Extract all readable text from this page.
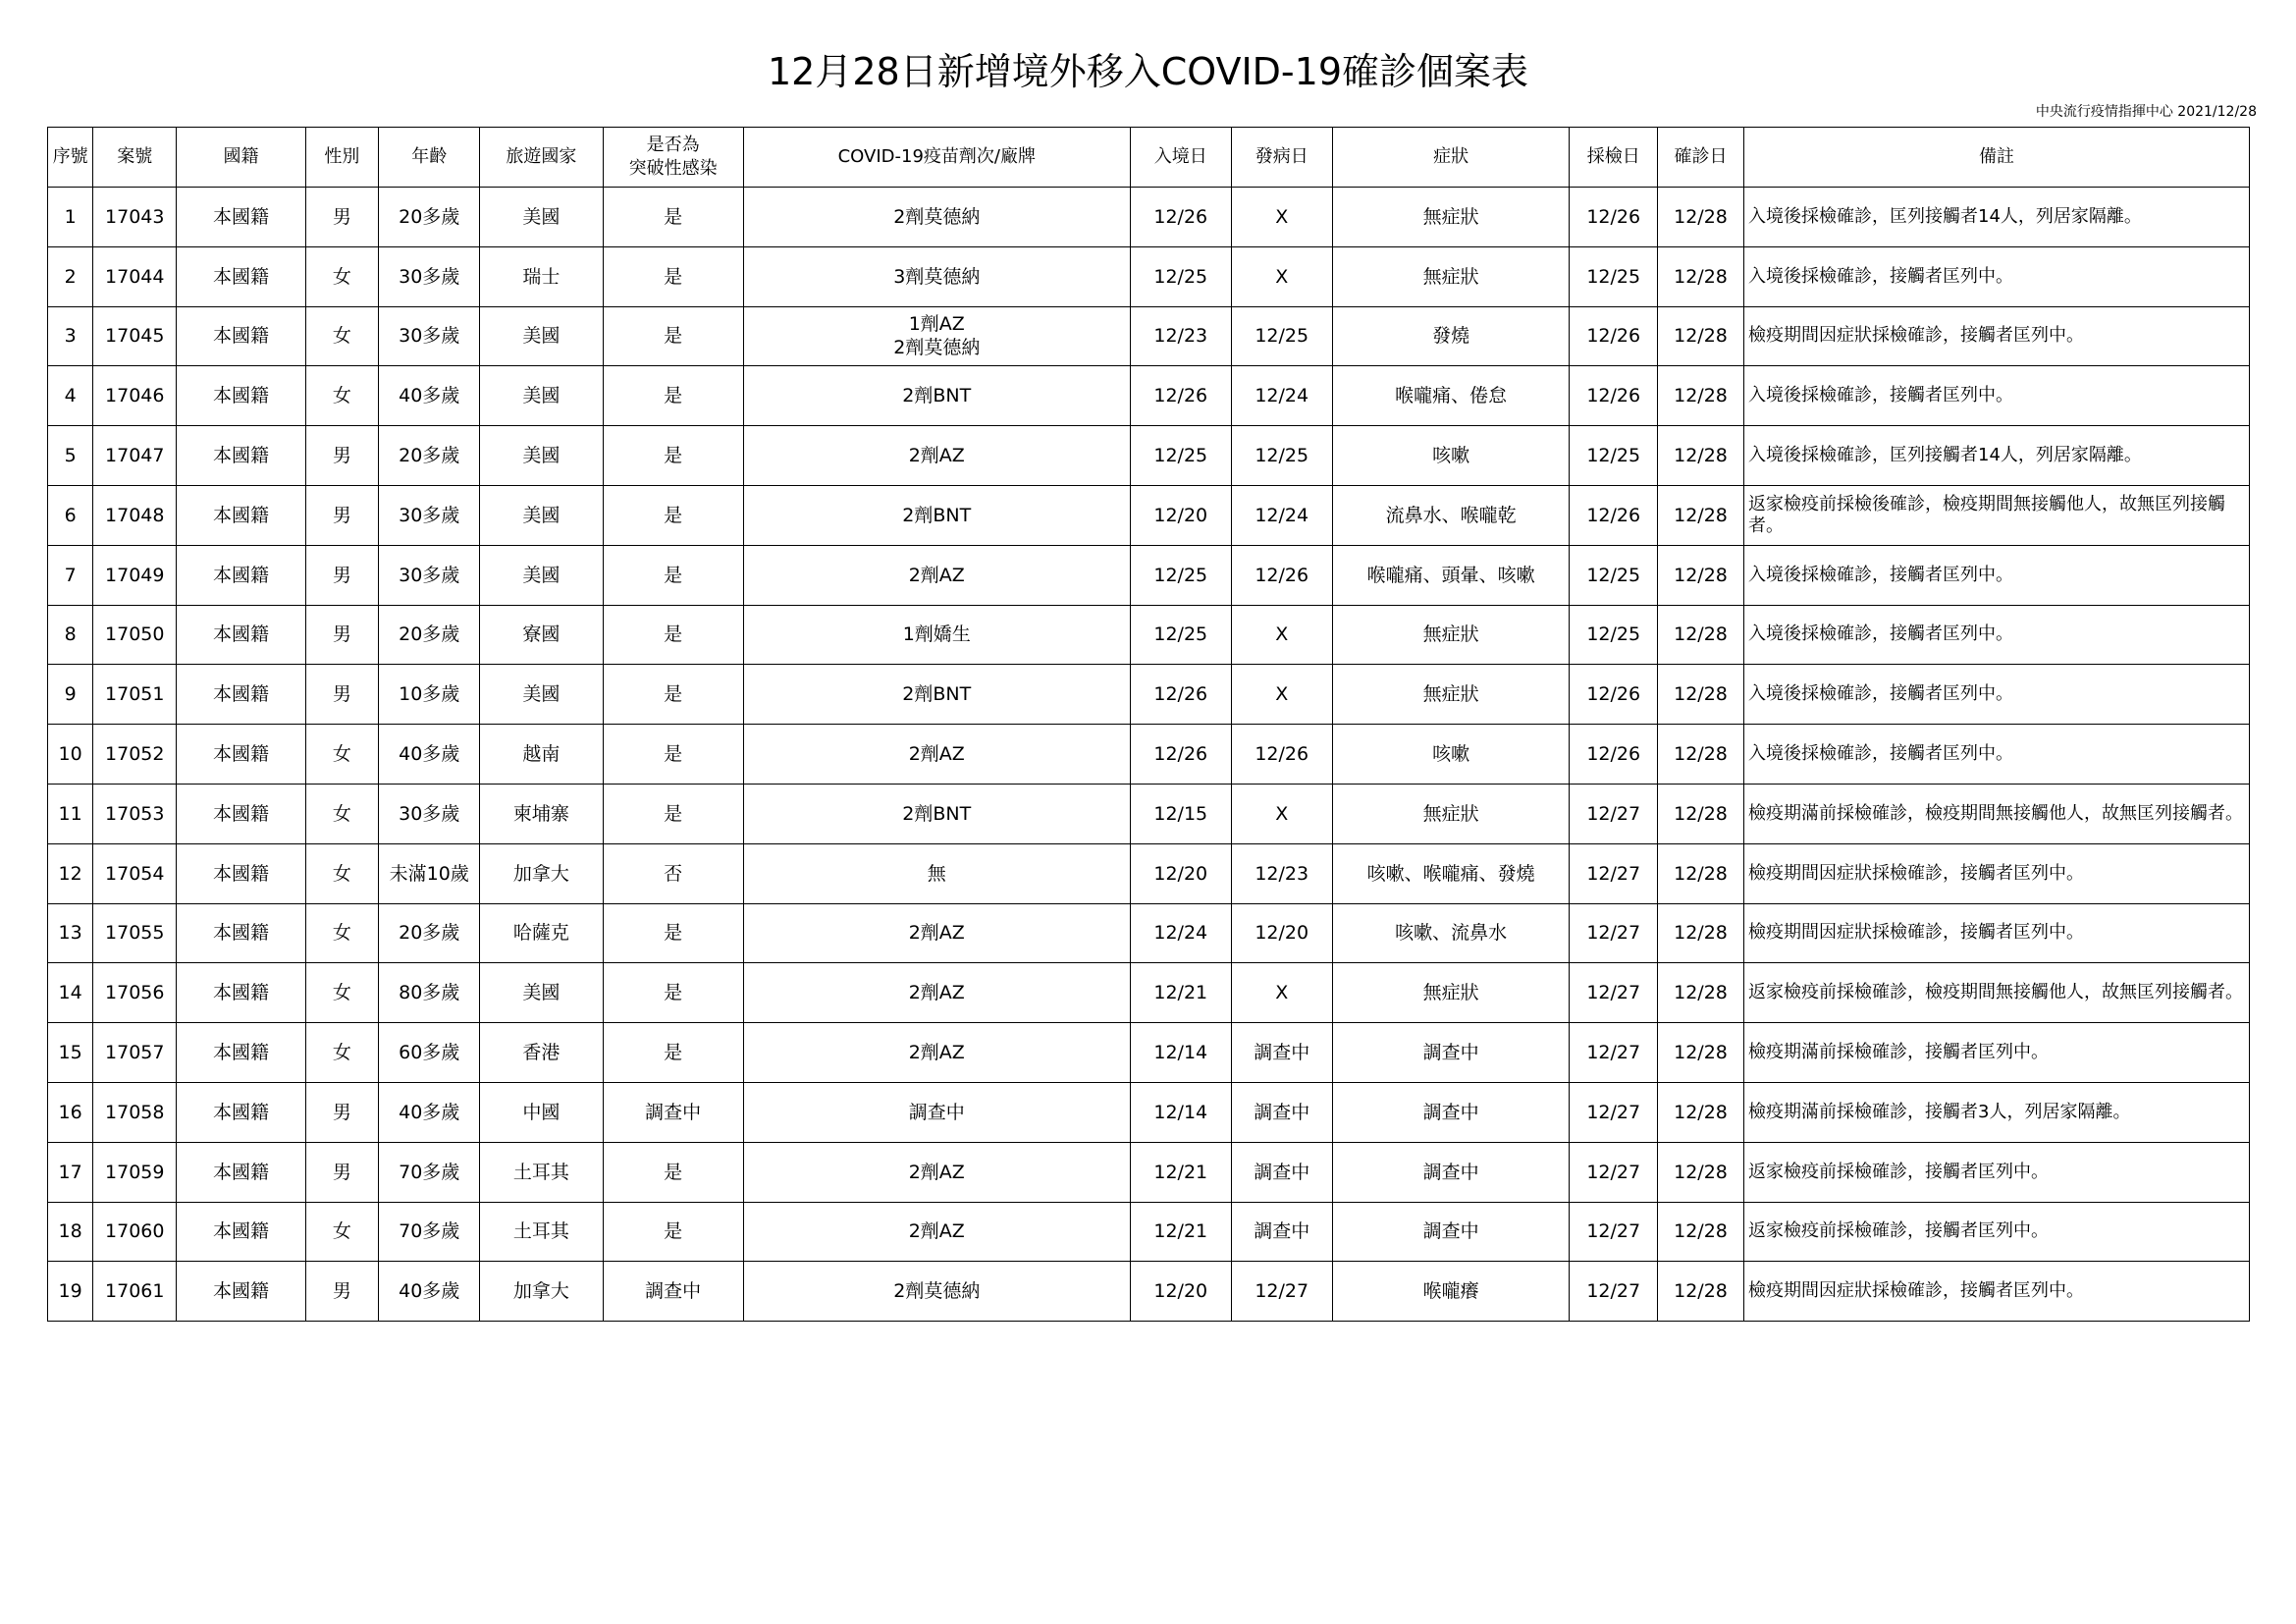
12月28日新增境外移入COVID-19確診個案表
中央流行疫情指揮中心 2021/12/28
序號	案號	國籍	性別	年齡	旅遊國家	是否為
突破性感染	COVID-19疫苗劑次/廠牌	入境日	發病日	症狀	採檢日	確診日	備註
1	17043	本國籍	男	20多歲	美國	是	2劑莫德納	12/26	X	無症狀	12/26	12/28	入境後採檢確診，匡列接觸者14人，列居家隔離。
2	17044	本國籍	女	30多歲	瑞士	是	3劑莫德納	12/25	X	無症狀	12/25	12/28	入境後採檢確診，接觸者匡列中。
3	17045	本國籍	女	30多歲	美國	是	1劑AZ
2劑莫德納	12/23	12/25	發燒	12/26	12/28	檢疫期間因症狀採檢確診，接觸者匡列中。
4	17046	本國籍	女	40多歲	美國	是	2劑BNT	12/26	12/24	喉嚨痛、倦怠	12/26	12/28	入境後採檢確診，接觸者匡列中。
5	17047	本國籍	男	20多歲	美國	是	2劑AZ	12/25	12/25	咳嗽	12/25	12/28	入境後採檢確診，匡列接觸者14人，列居家隔離。
6	17048	本國籍	男	30多歲	美國	是	2劑BNT	12/20	12/24	流鼻水、喉嚨乾	12/26	12/28	返家檢疫前採檢後確診，檢疫期間無接觸他人，故無匡列接觸者。
7	17049	本國籍	男	30多歲	美國	是	2劑AZ	12/25	12/26	喉嚨痛、頭暈、咳嗽	12/25	12/28	入境後採檢確診，接觸者匡列中。
8	17050	本國籍	男	20多歲	寮國	是	1劑嬌生	12/25	X	無症狀	12/25	12/28	入境後採檢確診，接觸者匡列中。
9	17051	本國籍	男	10多歲	美國	是	2劑BNT	12/26	X	無症狀	12/26	12/28	入境後採檢確診，接觸者匡列中。
10	17052	本國籍	女	40多歲	越南	是	2劑AZ	12/26	12/26	咳嗽	12/26	12/28	入境後採檢確診，接觸者匡列中。
11	17053	本國籍	女	30多歲	柬埔寨	是	2劑BNT	12/15	X	無症狀	12/27	12/28	檢疫期滿前採檢確診，檢疫期間無接觸他人，故無匡列接觸者。
12	17054	本國籍	女	未滿10歲	加拿大	否	無	12/20	12/23	咳嗽、喉嚨痛、發燒	12/27	12/28	檢疫期間因症狀採檢確診，接觸者匡列中。
13	17055	本國籍	女	20多歲	哈薩克	是	2劑AZ	12/24	12/20	咳嗽、流鼻水	12/27	12/28	檢疫期間因症狀採檢確診，接觸者匡列中。
14	17056	本國籍	女	80多歲	美國	是	2劑AZ	12/21	X	無症狀	12/27	12/28	返家檢疫前採檢確診，檢疫期間無接觸他人，故無匡列接觸者。
15	17057	本國籍	女	60多歲	香港	是	2劑AZ	12/14	調查中	調查中	12/27	12/28	檢疫期滿前採檢確診，接觸者匡列中。
16	17058	本國籍	男	40多歲	中國	調查中	調查中	12/14	調查中	調查中	12/27	12/28	檢疫期滿前採檢確診，接觸者3人，列居家隔離。
17	17059	本國籍	男	70多歲	土耳其	是	2劑AZ	12/21	調查中	調查中	12/27	12/28	返家檢疫前採檢確診，接觸者匡列中。
18	17060	本國籍	女	70多歲	土耳其	是	2劑AZ	12/21	調查中	調查中	12/27	12/28	返家檢疫前採檢確診，接觸者匡列中。
19	17061	本國籍	男	40多歲	加拿大	調查中	2劑莫德納	12/20	12/27	喉嚨癢	12/27	12/28	檢疫期間因症狀採檢確診，接觸者匡列中。
